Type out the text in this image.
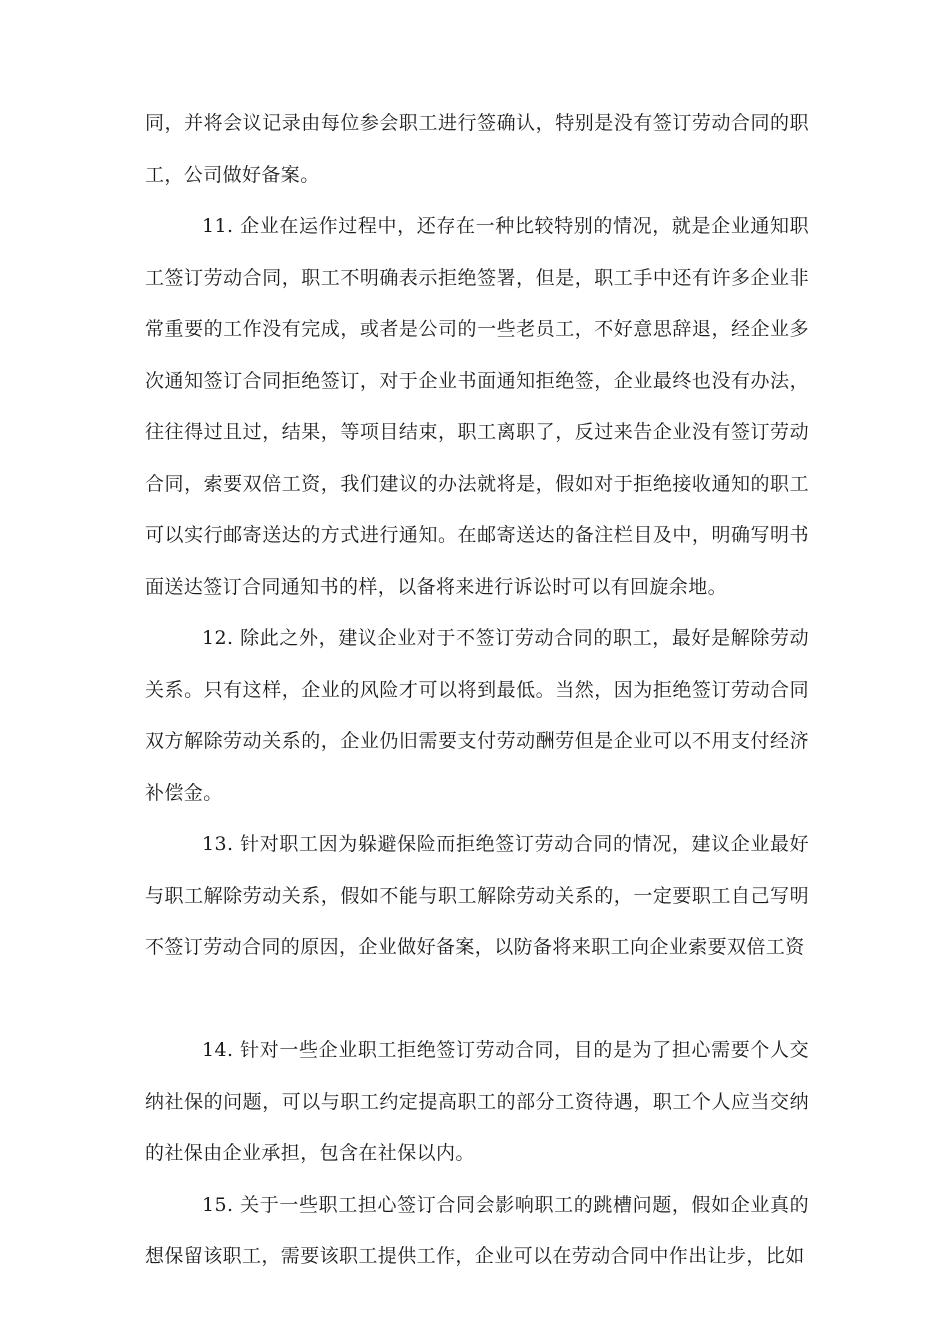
同，并将会议记录由每位参会职工进行签确认，特别是没有签订劳动合同的职工，公司做好备案。

11. 企业在运作过程中，还存在一种比较特别的情况，就是企业通知职工签订劳动合同，职工不明确表示拒绝签署，但是，职工手中还有许多企业非常重要的工作没有完成，或者是公司的一些老员工，不好意思辞退，经企业多次通知签订合同拒绝签订，对于企业书面通知拒绝签，企业最终也没有办法，往往得过且过，结果，等项目结束，职工离职了，反过来告企业没有签订劳动合同，索要双倍工资，我们建议的办法就将是，假如对于拒绝接收通知的职工可以实行邮寄送达的方式进行通知。在邮寄送达的备注栏目及中，明确写明书面送达签订合同通知书的样，以备将来进行诉讼时可以有回旋余地。

12. 除此之外，建议企业对于不签订劳动合同的职工，最好是解除劳动关系。只有这样，企业的风险才可以将到最低。当然，因为拒绝签订劳动合同双方解除劳动关系的，企业仍旧需要支付劳动酬劳但是企业可以不用支付经济补偿金。

13. 针对职工因为躲避保险而拒绝签订劳动合同的情况，建议企业最好与职工解除劳动关系，假如不能与职工解除劳动关系的，一定要职工自己写明不签订劳动合同的原因，企业做好备案，以防备将来职工向企业索要双倍工资

14. 针对一些企业职工拒绝签订劳动合同，目的是为了担心需要个人交纳社保的问题，可以与职工约定提高职工的部分工资待遇，职工个人应当交纳的社保由企业承担，包含在社保以内。

15. 关于一些职工担心签订合同会影响职工的跳槽问题，假如企业真的想保留该职工，需要该职工提供工作，企业可以在劳动合同中作出让步，比如
